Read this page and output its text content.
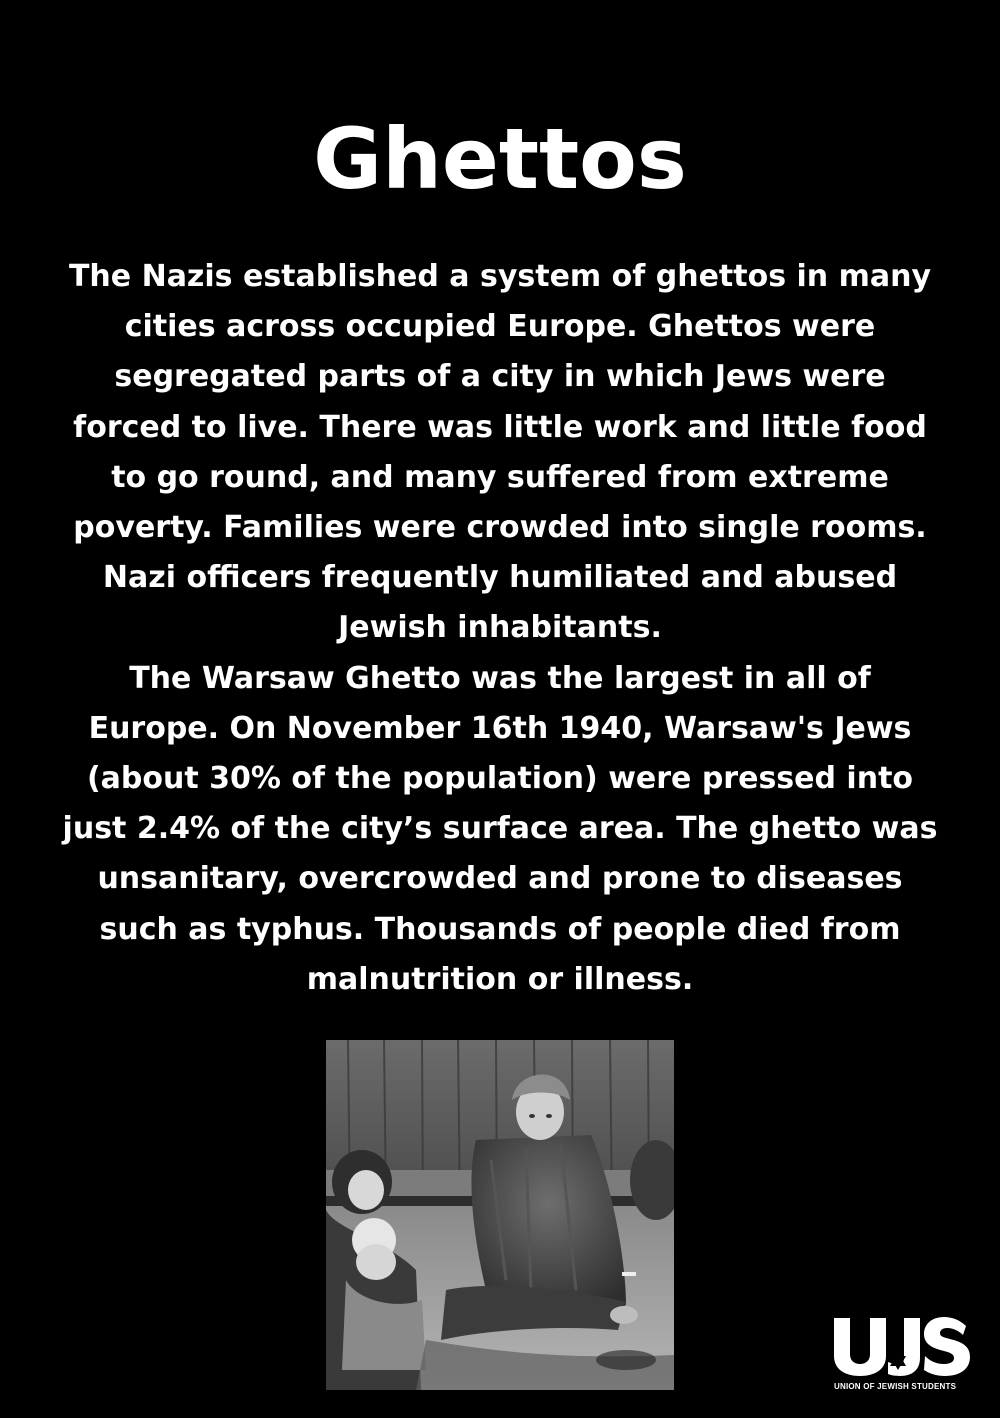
Ghettos

The Nazis established a system of ghettos in many cities across occupied Europe. Ghettos were segregated parts of a city in which Jews were forced to live. There was little work and little food to go round, and many suffered from extreme poverty. Families were crowded into single rooms. Nazi officers frequently humiliated and abused Jewish inhabitants.

The Warsaw Ghetto was the largest in all of Europe. On November 16th 1940, Warsaw's Jews (about 30% of the population) were pressed into just 2.4% of the city’s surface area. The ghetto was unsanitary, overcrowded and prone to diseases such as typhus. Thousands of people died from malnutrition or illness.

UNION OF JEWISH STUDENTS
